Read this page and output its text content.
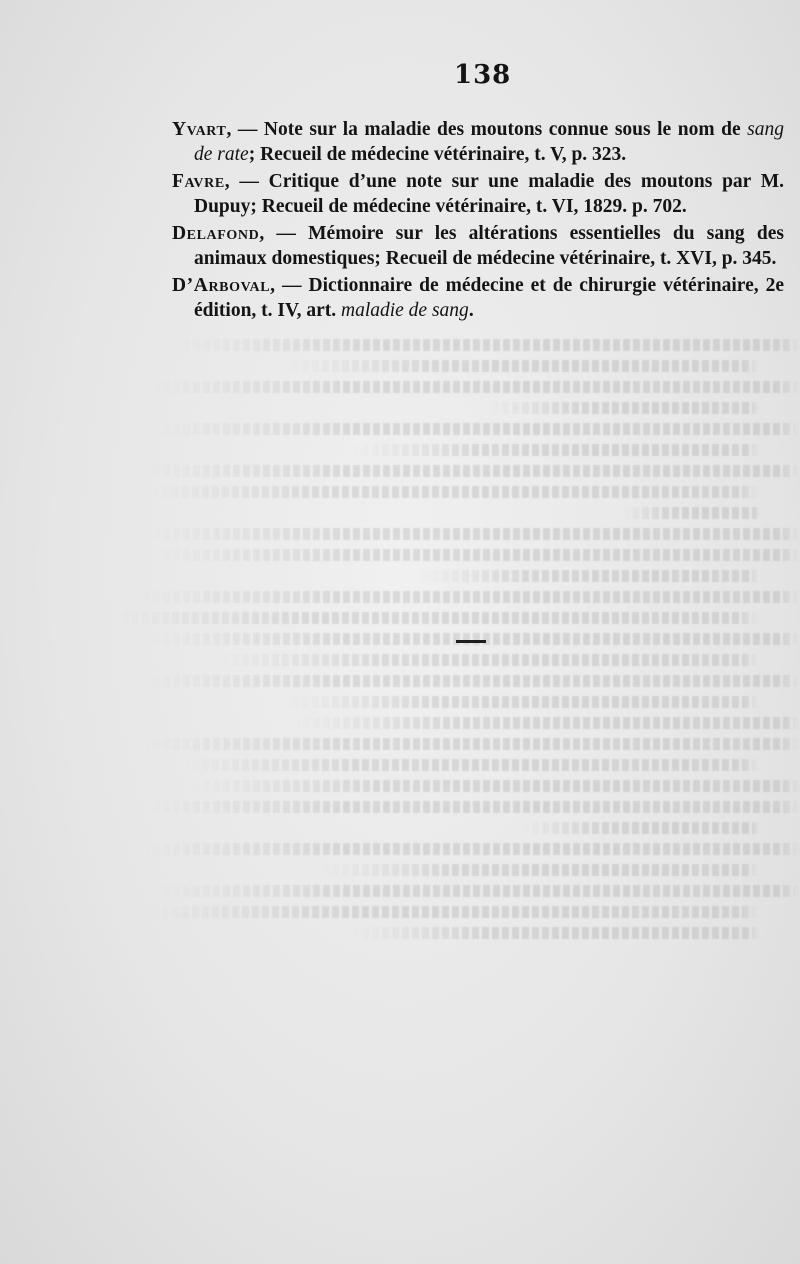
138

Yvart, — Note sur la maladie des moutons connue sous le nom de sang de rate; Recueil de médecine vétérinaire, t. V, p. 323.

Favre, — Critique d’une note sur une maladie des moutons par M. Dupuy; Recueil de médecine vétérinaire, t. VI, 1829. p. 702.

Delafond, — Mémoire sur les altérations essentielles du sang des animaux domestiques; Recueil de médecine vétérinaire, t. XVI, p. 345.

D’Arboval, — Dictionnaire de médecine et de chirurgie vétérinaire, 2e édition, t. IV, art. maladie de sang.
